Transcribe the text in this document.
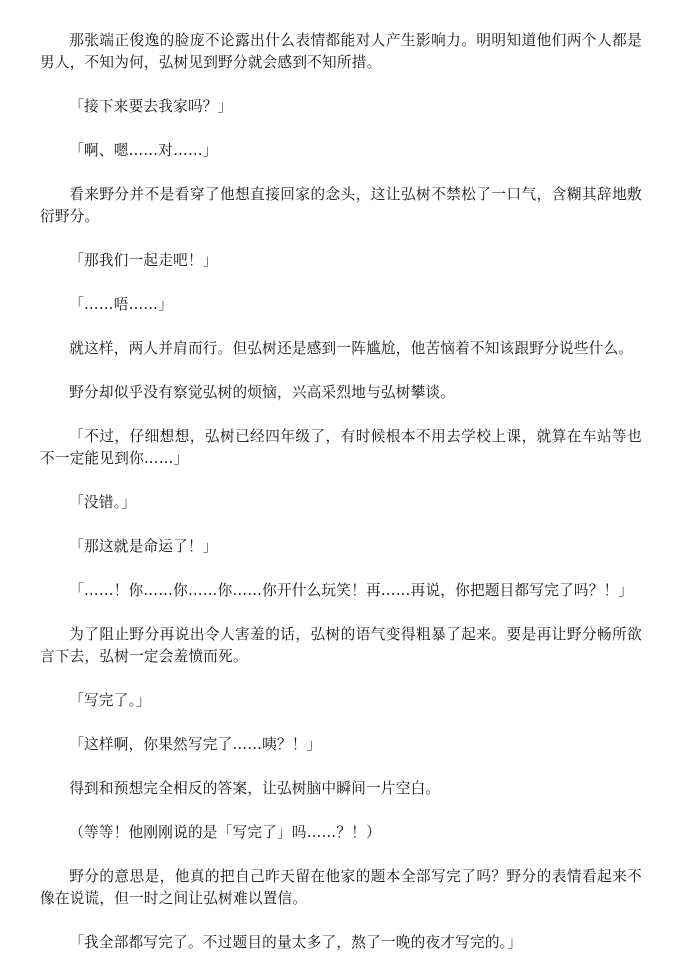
那张端正俊逸的脸庞不论露出什么表情都能对人产生影响力。明明知道他们两个人都是男人，不知为何，弘树见到野分就会感到不知所措。

「接下来要去我家吗？」

「啊、嗯……对……」

看来野分并不是看穿了他想直接回家的念头，这让弘树不禁松了一口气，含糊其辞地敷衍野分。

「那我们一起走吧！」

「……唔……」

就这样，两人并肩而行。但弘树还是感到一阵尴尬，他苦恼着不知该跟野分说些什么。

野分却似乎没有察觉弘树的烦恼，兴高采烈地与弘树攀谈。

「不过，仔细想想，弘树已经四年级了，有时候根本不用去学校上课，就算在车站等也不一定能见到你……」

「没错。」

「那这就是命运了！」

「……！你……你……你……你开什么玩笑！再……再说，你把题目都写完了吗？！」

为了阻止野分再说出令人害羞的话，弘树的语气变得粗暴了起来。要是再让野分畅所欲言下去，弘树一定会羞愤而死。

「写完了。」

「这样啊，你果然写完了……咦？！」

得到和预想完全相反的答案，让弘树脑中瞬间一片空白。

（等等！他刚刚说的是「写完了」吗……？！）

野分的意思是，他真的把自己昨天留在他家的题本全部写完了吗？野分的表情看起来不像在说谎，但一时之间让弘树难以置信。

「我全部都写完了。不过题目的量太多了，熬了一晚的夜才写完的。」
